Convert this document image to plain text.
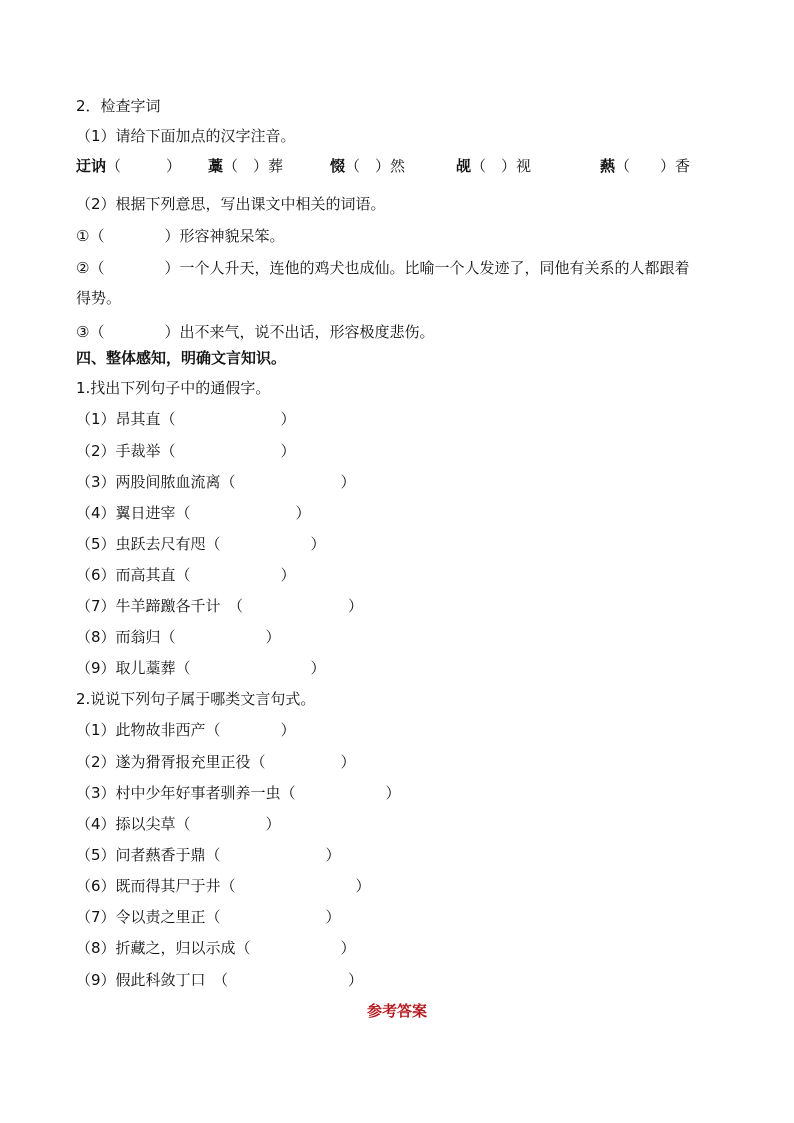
2．检查字词
（1）请给下面加点的汉字注音。
迂讷（　　　） 藁（　）葬	惙（　）然	觇（　）视	爇（　　）香
（2）根据下列意思，写出课文中相关的词语。
①（　　　　）形容神貌呆笨。
②（　　　　）一个人升天，连他的鸡犬也成仙。比喻一个人发迹了，同他有关系的人都跟着
得势。
③（　　　　）出不来气，说不出话，形容极度悲伤。
四、整体感知，明确文言知识。
1.找出下列句子中的通假字。
（1）昂其直（　　　　　　　）
（2）手裁举（　　　　　　　）
（3）两股间脓血流离（　　　　　　　）
（4）翼日进宰（　　　　　　　）
（5）虫跃去尺有咫（　　　　　　）
（6）而高其直（　　　　　　）
（7）牛羊蹄躈各千计　（　　　　　　　）
（8）而翁归（　　　　　　）
（9）取儿藁葬（　　　　　　　　）
2.说说下列句子属于哪类文言句式。
（1）此物故非西产（　　　　）
（2）遂为猾胥报充里正役（　　　　　）
（3）村中少年好事者驯养一虫（　　　　　　）
（4）掭以尖草（　　　　　）
（5）问者爇香于鼎（　　　　　　　）
（6）既而得其尸于井（　　　　　　　　）
（7）令以责之里正（　　　　　　　）
（8）折藏之，归以示成（　　　　　　）
（9）假此科敛丁口　（　　　　　　　　）
参考答案
